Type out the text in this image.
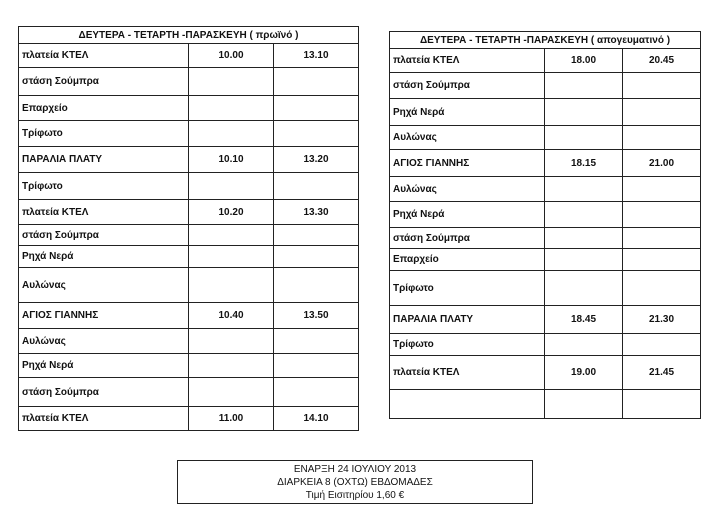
ΔΕΥΤΕΡΑ - ΤΕΤΑΡΤΗ -ΠΑΡΑΣΚΕΥΗ ( πρωϊνό )		
πλατεία ΚΤΕΛ	10.00	13.10
στάση Σούμπρα		
Επαρχείο		
Τρίφωτο		
ΠΑΡΑΛΙΑ ΠΛΑΤΥ	10.10	13.20
Τρίφωτο		
πλατεία ΚΤΕΛ	10.20	13.30
στάση Σούμπρα		
Ρηχά Νερά		
Αυλώνας		
ΑΓΙΟΣ ΓΙΑΝΝΗΣ	10.40	13.50
Αυλώνας		
Ρηχά Νερά		
στάση Σούμπρα		
πλατεία ΚΤΕΛ	11.00	14.10
ΔΕΥΤΕΡΑ - ΤΕΤΑΡΤΗ -ΠΑΡΑΣΚΕΥΗ ( απογευματινό )		
πλατεία ΚΤΕΛ	18.00	20.45
στάση Σούμπρα		
Ρηχά Νερά		
Αυλώνας		
ΑΓΙΟΣ ΓΙΑΝΝΗΣ	18.15	21.00
Αυλώνας		
Ρηχά Νερά		
στάση Σούμπρα		
Επαρχείο		
Τρίφωτο		
ΠΑΡΑΛΙΑ ΠΛΑΤΥ	18.45	21.30
Τρίφωτο		
πλατεία ΚΤΕΛ	19.00	21.45

ΕΝΑΡΞΗ 24 ΙΟΥΛΙΟΥ 2013
ΔΙΑΡΚΕΙΑ 8 (ΟΧΤΩ) ΕΒΔΟΜΑΔΕΣ
Τιμή Εισιτηρίου 1,60 €
